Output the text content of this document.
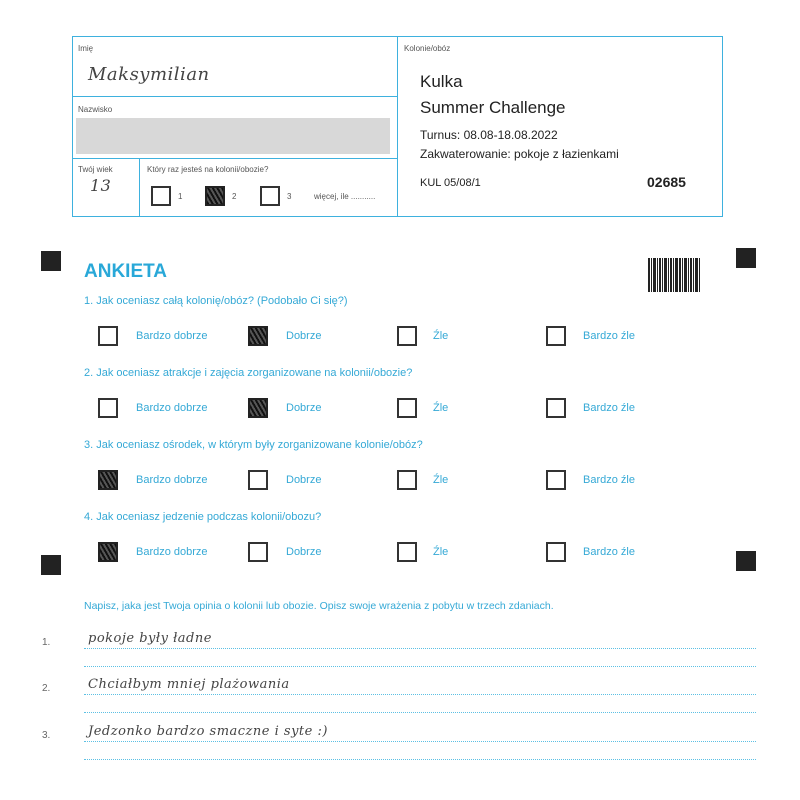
Imię
Maksymilian
Nazwisko
Twój wiek
13
Który raz jesteś na kolonii/obozie?
1	2	3	więcej, ile ...........
Kolonie/obóz
Kulka
Summer Challenge
Turnus: 08.08-18.08.2022
Zakwaterowanie: pokoje z łazienkami
KUL 05/08/1	02685
ANKIETA
1. Jak oceniasz całą kolonię/obóz? (Podobało Ci się?)
Bardzo dobrze	Dobrze	Źle	Bardzo źle
2. Jak oceniasz atrakcje i zajęcia zorganizowane na kolonii/obozie?
Bardzo dobrze	Dobrze	Źle	Bardzo źle
3. Jak oceniasz ośrodek, w którym były zorganizowane kolonie/obóz?
Bardzo dobrze	Dobrze	Źle	Bardzo źle
4. Jak oceniasz jedzenie podczas kolonii/obozu?
Bardzo dobrze	Dobrze	Źle	Bardzo źle
Napisz, jaka jest Twoja opinia o kolonii lub obozie. Opisz swoje wrażenia z pobytu w trzech zdaniach.
1.	pokoje były ładne
2.	Chciałbym mniej plażowania
3.	Jedzonko bardzo smaczne i syte :)
